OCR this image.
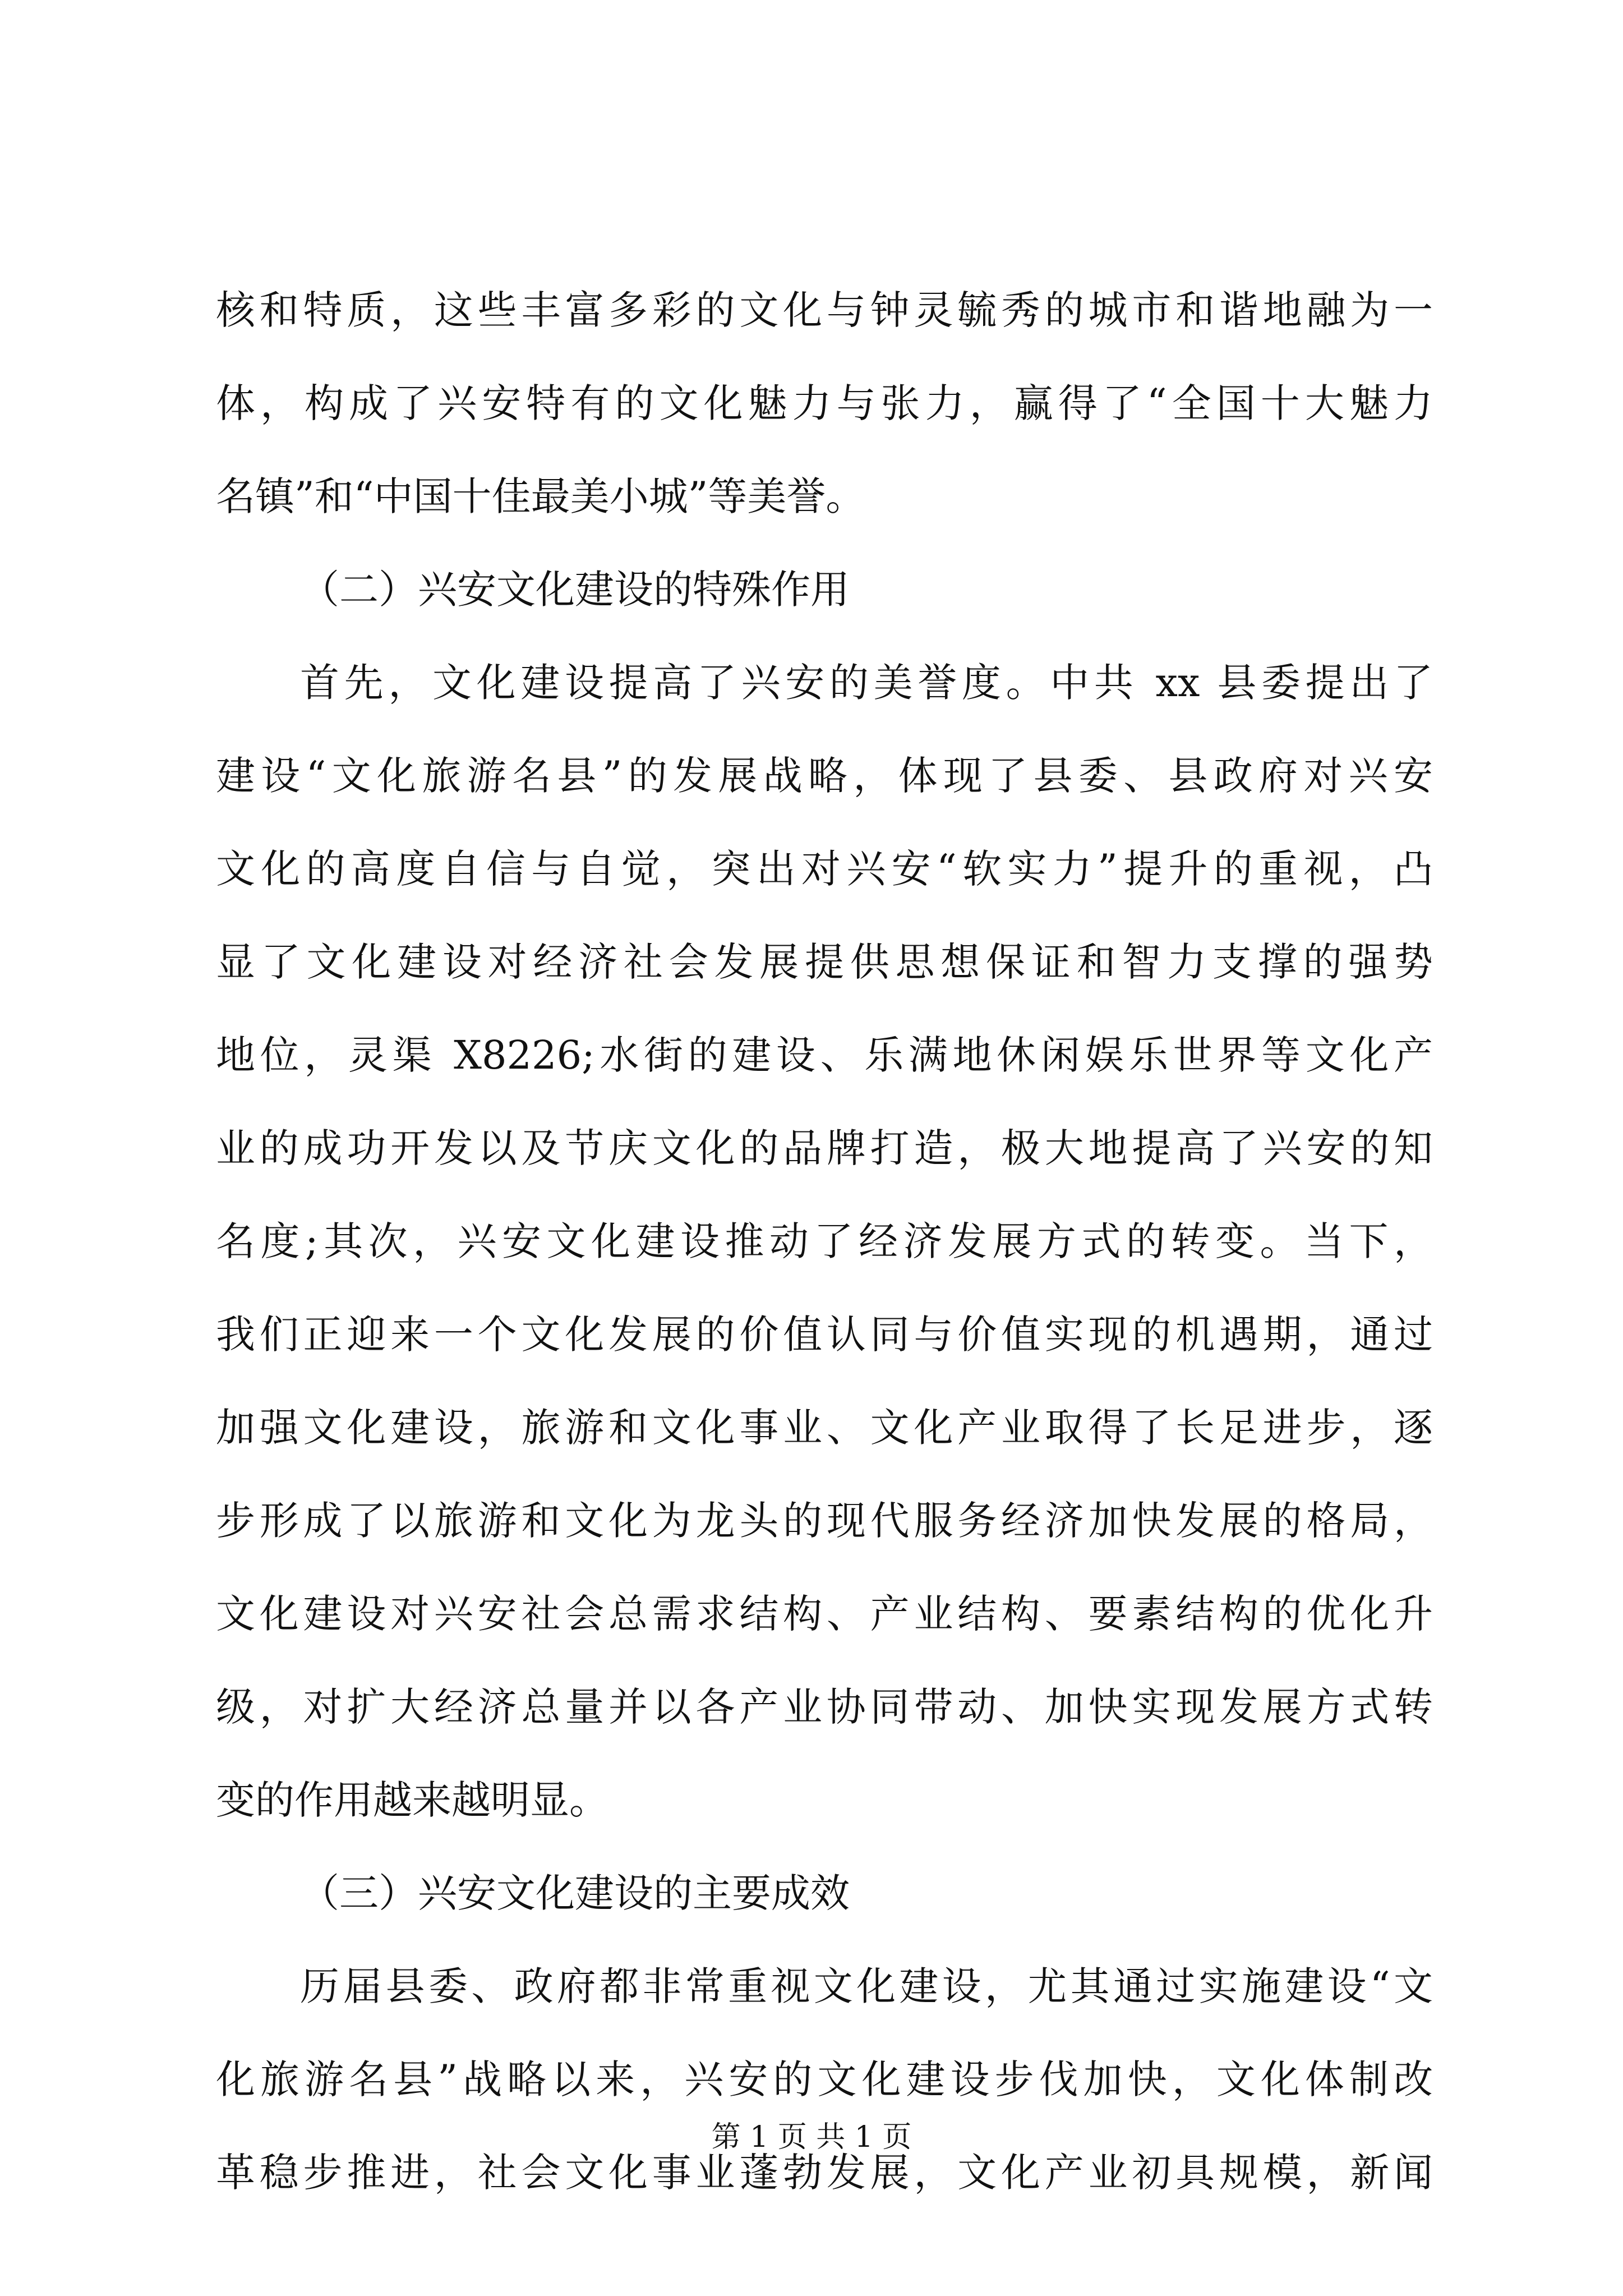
核和特质，这些丰富多彩的文化与钟灵毓秀的城市和谐地融为一
体，构成了兴安特有的文化魅力与张力，赢得了“全国十大魅力
名镇”和“中国十佳最美小城”等美誉。
（二）兴安文化建设的特殊作用
首先，文化建设提高了兴安的美誉度。中共 xx 县委提出了
建设“文化旅游名县”的发展战略，体现了县委、县政府对兴安
文化的高度自信与自觉，突出对兴安“软实力”提升的重视，凸
显了文化建设对经济社会发展提供思想保证和智力支撑的强势
地位，灵渠 X8226;水街的建设、乐满地休闲娱乐世界等文化产
业的成功开发以及节庆文化的品牌打造，极大地提高了兴安的知
名度;其次，兴安文化建设推动了经济发展方式的转变。当下，
我们正迎来一个文化发展的价值认同与价值实现的机遇期，通过
加强文化建设，旅游和文化事业、文化产业取得了长足进步，逐
步形成了以旅游和文化为龙头的现代服务经济加快发展的格局，
文化建设对兴安社会总需求结构、产业结构、要素结构的优化升
级，对扩大经济总量并以各产业协同带动、加快实现发展方式转
变的作用越来越明显。
（三）兴安文化建设的主要成效
历届县委、政府都非常重视文化建设，尤其通过实施建设“文
化旅游名县”战略以来，兴安的文化建设步伐加快，文化体制改
革稳步推进，社会文化事业蓬勃发展，文化产业初具规模，新闻
第 1 页 共 1 页
